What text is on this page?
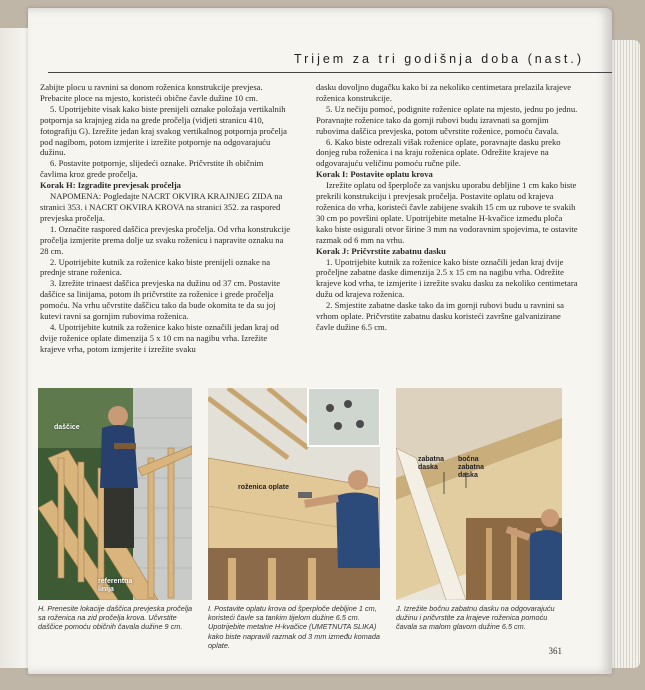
Trijem za tri godišnja doba (nast.)

Zabijte plocu u ravnini sa donom roženica konstrukcije prevjesa. Prebacite ploce na mjesto, koristeći obične čavle dužine 10 cm.

5. Upotrijebite visak kako biste prenijeli oznake položaja vertikalnih potpornja sa krajnjeg zida na grede pročelja (vidjeti stranicu 410, fotografiju G). Izrežite jedan kraj svakog vertikalnog potpornja pročelja pod nagibom, potom izmjerite i izrežite potpornje na odgovarajuću dužinu.

6. Postavite potpornje, slijedeći oznake. Pričvrstite ih običnim čavlima kroz grede pročelja.

Korak H: Izgradite prevjesak pročelja

NAPOMENA: Pogledajte NACRT OKVIRA KRAJNJEG ZIDA na stranici 353. i NACRT OKVIRA KROVA na stranici 352. za raspored prevjeska pročelja.

1. Označite raspored daščica prevjeska pročelja. Od vrha konstrukcije pročelja izmjerite prema dolje uz svaku roženicu i napravite oznaku na 28 cm.

2. Upotrijebite kutnik za roženice kako biste prenijeli oznake na prednje strane roženica.

3. Izrežite trinaest daščica prevjeska na dužinu od 37 cm. Postavite daščice sa linijama, potom ih pričvrstite za roženice i grede pročelja pomoću. Na vrhu učvrstite daščicu tako da bude okomita te da su joj kutevi ravni sa gornjim rubovima roženica.

4. Upotrijebite kutnik za roženice kako biste označili jedan kraj od dvije roženice oplate dimenzija 5 x 10 cm na nagibu vrha. Izrežite krajeve vrha, potom izmjerite i izrežite svaku

dasku dovoljno dugačku kako bi za nekoliko centimetara prelazila krajeve roženica konstrukcije.

5. Uz nečiju pomoć, podignite roženice oplate na mjesto, jednu po jednu. Poravnajte roženice tako da gornji rubovi budu izravnati sa gornjim rubovima daščica prevjeska, potom učvrstite roženice, pomoću čavala.

6. Kako biste odrezali višak roženice oplate, poravnajte dasku preko donjeg ruba roženica i na kraju roženica oplate. Odrežite krajeve na odgovarajuću veličinu pomoću ručne pile.

Korak I: Postavite oplatu krova

Izrežite oplatu od šperploče za vanjsku uporabu debljine 1 cm kako biste prekrili konstrukciju i prevjesak pročelja. Postavite oplatu od krajeva roženica do vrha, koristeći čavle zabijene svakih 15 cm uz rubove te svakih 30 cm po površini oplate. Upotrijebite metalne H-kvačice između ploča kako biste osigurali otvor širine 3 mm na vodoravnim spojevima, te ostavite razmak od 6 mm na vrhu.

Korak J: Pričvrstite zabatnu dasku

1. Upotrijebite kutnik za roženice kako biste označili jedan kraj dvije pročeljne zabatne daske dimenzija 2.5 x 15 cm na nagibu vrha. Odrežite krajeve kod vrha, te izmjerite i izrežite svaku dasku za nekoliko centimetara dužu od krajeva roženica.

2. Smjestite zabatne daske tako da im gornji rubovi budu u ravnini sa vrhom oplate. Pričvrstite zabatnu dasku koristeći završne galvanizirane čavle dužine 6.5 cm.

daščice
referentna linija
roženica oplate
zabatna daska
bočna zabatna daska
H. Prenesite lokacije daščica prevjeska pročelja sa roženica na zid pročelja krova. Učvrstite daščice pomoću običnih čavala dužine 9 cm.
I. Postavite oplatu krova od šperploče debljine 1 cm, koristeći čavle sa tankim tijelom dužine 6.5 cm. Upotrijebite metalne H-kvačice (UMETNUTA SLIKA) kako biste napravili razmak od 3 mm između komada oplate.
J. Izrežite bočnu zabatnu dasku na odgovarajuću dužinu i pričvrstite za krajeve roženica pomoću čavala sa malom glavom dužine 6.5 cm.
361
